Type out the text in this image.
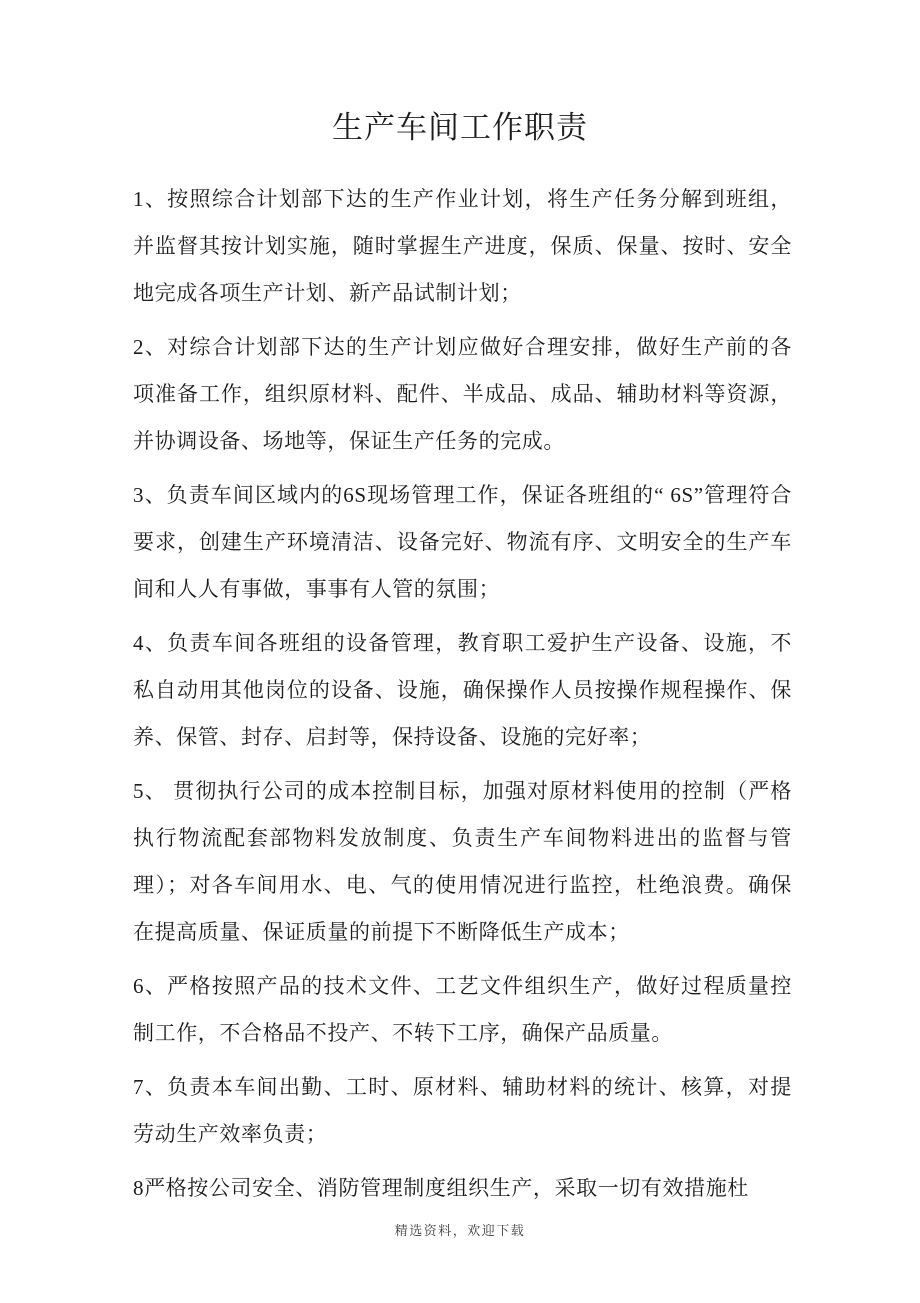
生产车间工作职责

1、按照综合计划部下达的生产作业计划，将生产任务分解到班组，并监督其按计划实施，随时掌握生产进度，保质、保量、按时、安全地完成各项生产计划、新产品试制计划；

2、对综合计划部下达的生产计划应做好合理安排，做好生产前的各项准备工作，组织原材料、配件、半成品、成品、辅助材料等资源，并协调设备、场地等，保证生产任务的完成。

3、负责车间区域内的6S现场管理工作，保证各班组的“ 6S”管理符合要求，创建生产环境清洁、设备完好、物流有序、文明安全的生产车间和人人有事做，事事有人管的氛围；

4、负责车间各班组的设备管理，教育职工爱护生产设备、设施，不私自动用其他岗位的设备、设施，确保操作人员按操作规程操作、保养、保管、封存、启封等，保持设备、设施的完好率；

5、 贯彻执行公司的成本控制目标，加强对原材料使用的控制（严格执行物流配套部物料发放制度、负责生产车间物料进出的监督与管理）；对各车间用水、电、气的使用情况进行监控，杜绝浪费。确保在提高质量、保证质量的前提下不断降低生产成本；

6、严格按照产品的技术文件、工艺文件组织生产，做好过程质量控制工作，不合格品不投产、不转下工序，确保产品质量。

7、负责本车间出勤、工时、原材料、辅助材料的统计、核算，对提劳动生产效率负责；

8严格按公司安全、消防管理制度组织生产，采取一切有效措施杜

精选资料，欢迎下载
